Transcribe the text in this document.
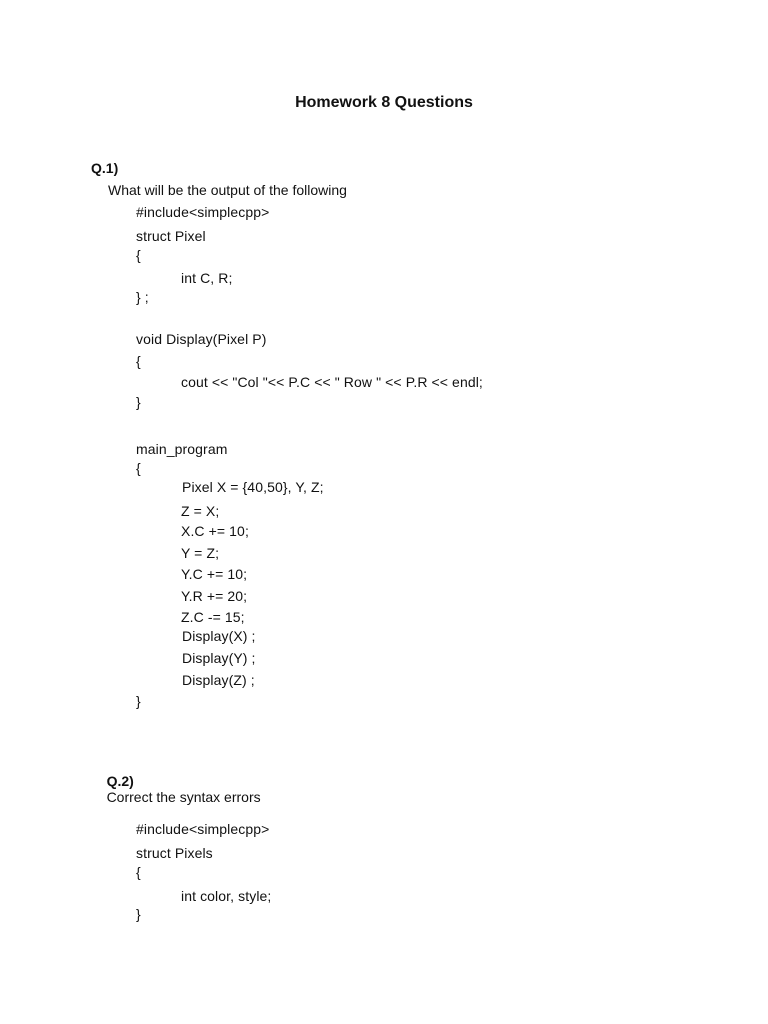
Homework 8 Questions
Q.1)
What will be the output of the following
#include<simplecpp>
struct Pixel
{
int C, R;
} ;
void Display(Pixel P)
{
cout << "Col "<< P.C << " Row " << P.R << endl;
}
main_program
{
Pixel X = {40,50}, Y, Z;
Z = X;
X.C += 10;
Y = Z;
Y.C += 10;
Y.R += 20;
Z.C -= 15;
Display(X) ;
Display(Y) ;
Display(Z) ;
}

Q.2)
Correct the syntax errors

#include<simplecpp>
struct Pixels
{
int color, style;
}
